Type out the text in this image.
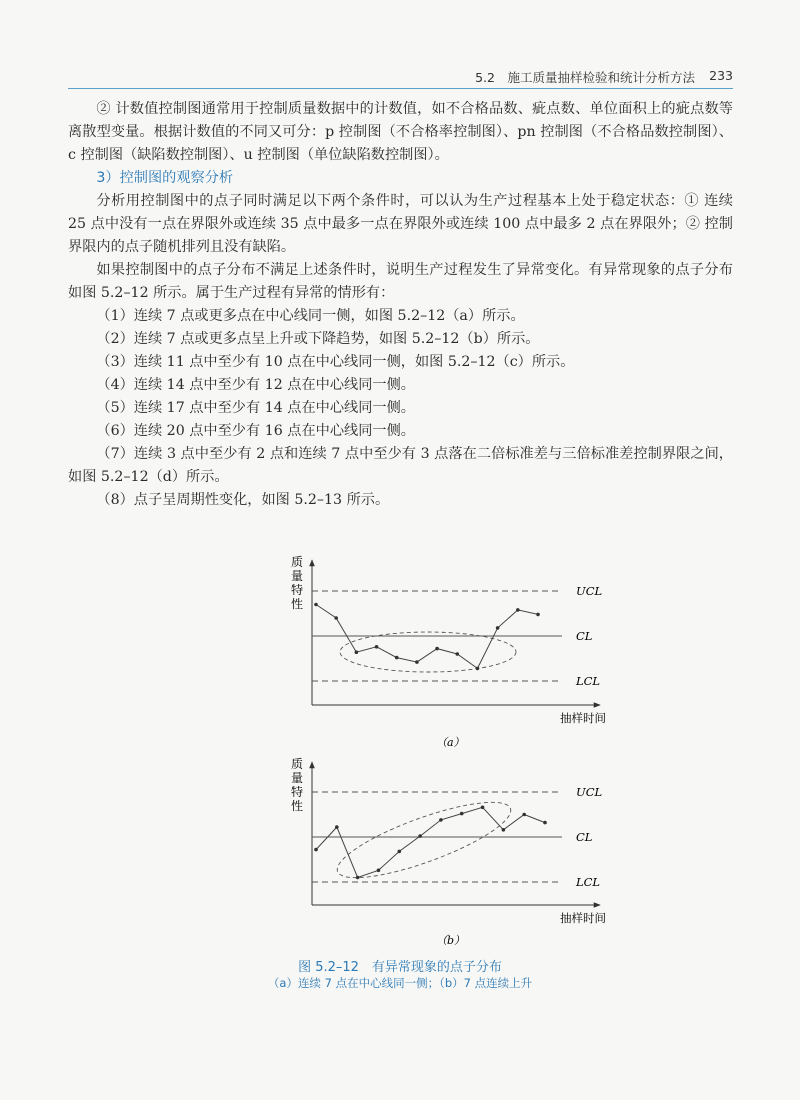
5.2　施工质量抽样检验和统计分析方法 233

② 计数值控制图通常用于控制质量数据中的计数值，如不合格品数、疵点数、单位面积上的疵点数等离散型变量。根据计数值的不同又可分：p 控制图（不合格率控制图）、pn 控制图（不合格品数控制图）、c 控制图（缺陷数控制图）、u 控制图（单位缺陷数控制图）。

3）控制图的观察分析

分析用控制图中的点子同时满足以下两个条件时，可以认为生产过程基本上处于稳定状态：① 连续 25 点中没有一点在界限外或连续 35 点中最多一点在界限外或连续 100 点中最多 2 点在界限外；② 控制界限内的点子随机排列且没有缺陷。

如果控制图中的点子分布不满足上述条件时，说明生产过程发生了异常变化。有异常现象的点子分布如图 5.2–12 所示。属于生产过程有异常的情形有：

（1）连续 7 点或更多点在中心线同一侧，如图 5.2–12（a）所示。

（2）连续 7 点或更多点呈上升或下降趋势，如图 5.2–12（b）所示。

（3）连续 11 点中至少有 10 点在中心线同一侧，如图 5.2–12（c）所示。

（4）连续 14 点中至少有 12 点在中心线同一侧。

（5）连续 17 点中至少有 14 点在中心线同一侧。

（6）连续 20 点中至少有 16 点在中心线同一侧。

（7）连续 3 点中至少有 2 点和连续 7 点中至少有 3 点落在二倍标准差与三倍标准差控制界限之间，如图 5.2–12（d）所示。

（8）点子呈周期性变化，如图 5.2–13 所示。

质
量
特
性
UCL
CL
LCL
抽样时间
（a）
质
量
特
性
UCL
CL
LCL
抽样时间
（b）
图 5.2–12　有异常现象的点子分布
（a）连续 7 点在中心线同一侧；（b）7 点连续上升
